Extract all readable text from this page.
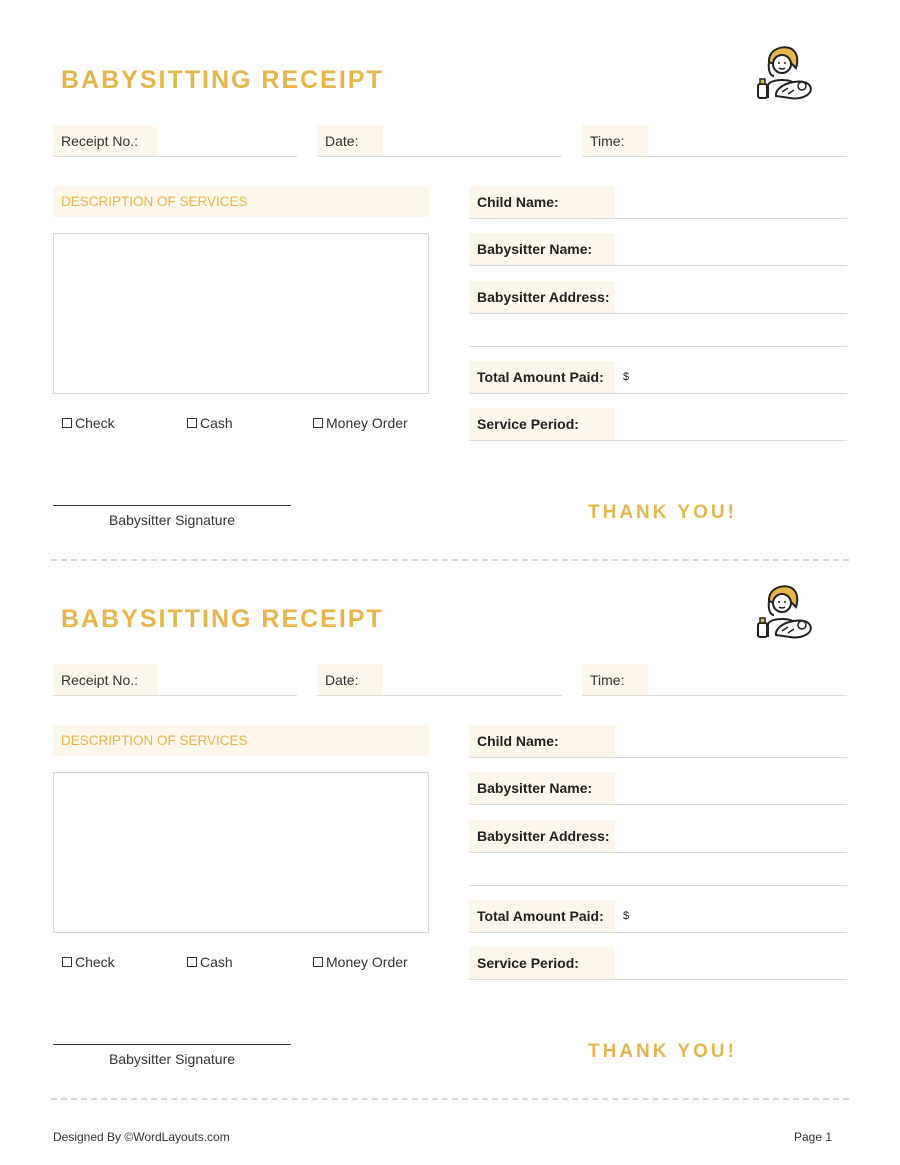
BABYSITTING RECEIPT
Receipt No.:	Date:	Time:
DESCRIPTION OF SERVICES
Check	Cash	Money Order
Child Name:
Babysitter Name:
Babysitter Address:
Total Amount Paid:	$
Service Period:
Babysitter Signature	THANK YOU!
BABYSITTING RECEIPT
Receipt No.:	Date:	Time:
DESCRIPTION OF SERVICES
Check	Cash	Money Order
Child Name:
Babysitter Name:
Babysitter Address:
Total Amount Paid:	$
Service Period:
Babysitter Signature	THANK YOU!
Designed By ©WordLayouts.com	Page 1
